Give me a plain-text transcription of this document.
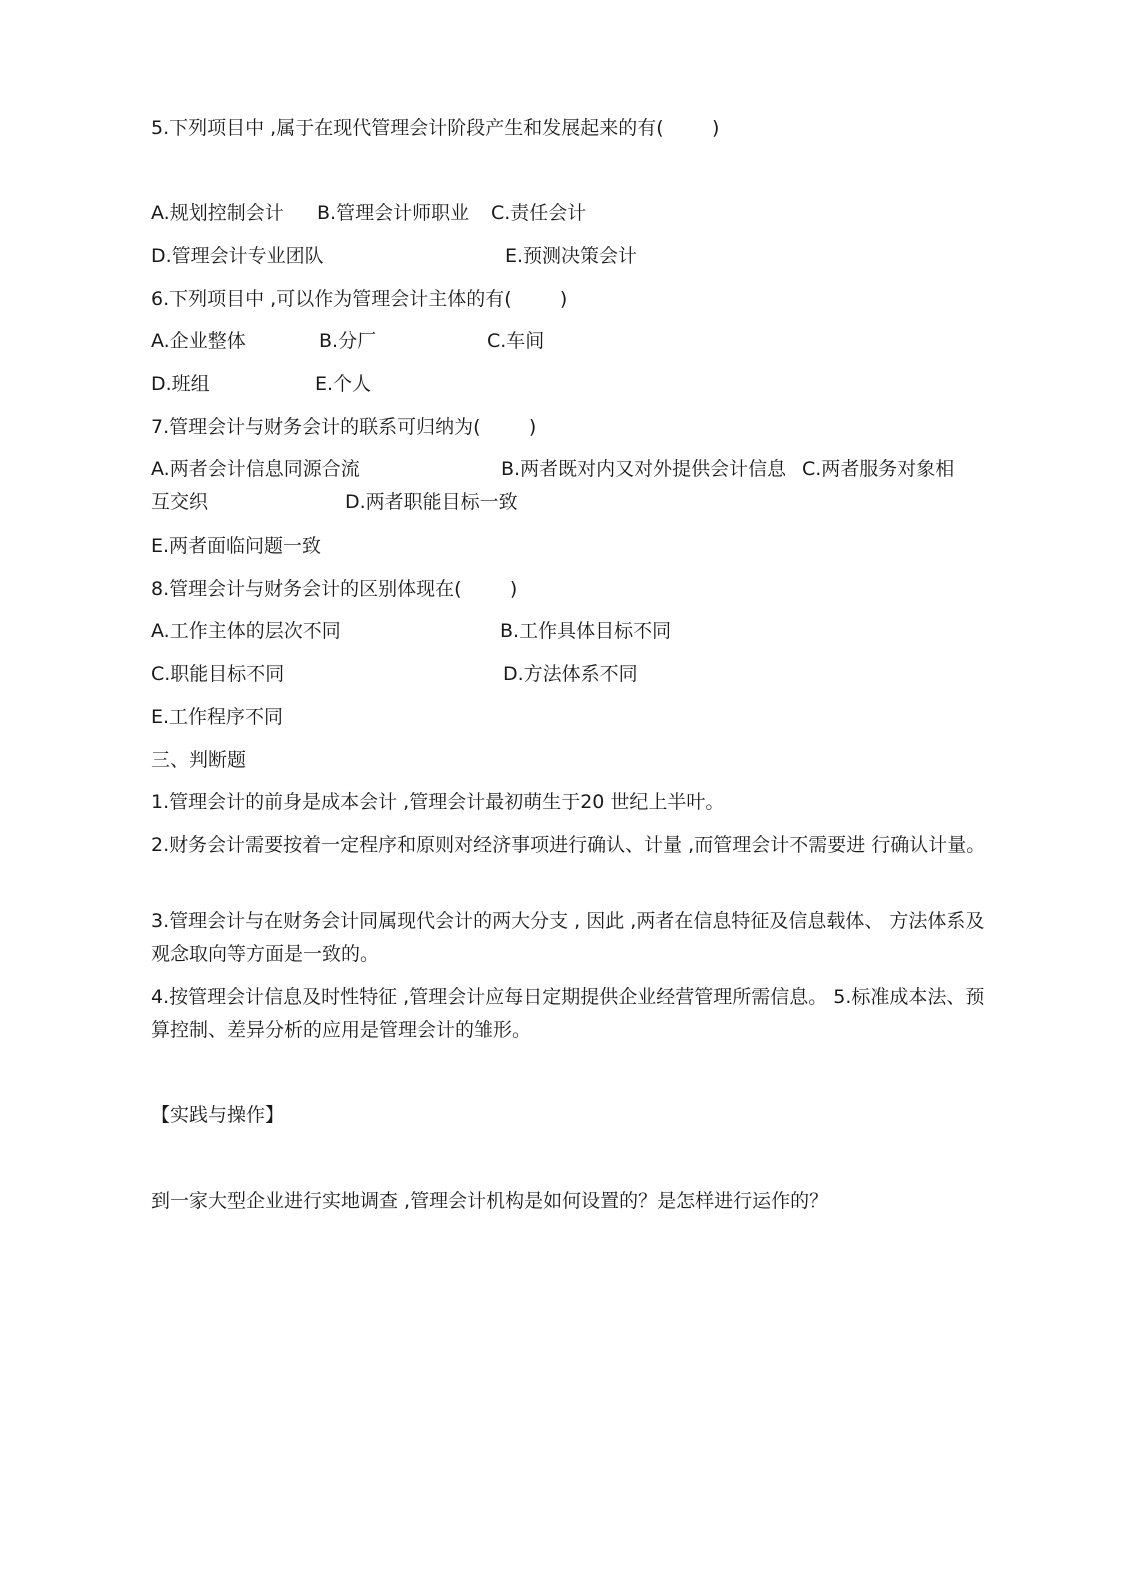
5.下列项目中 ,属于在现代管理会计阶段产生和发展起来的有(        )
A.规划控制会计 B.管理会计师职业 C.责任会计
D.管理会计专业团队	E.预测决策会计
6.下列项目中 ,可以作为管理会计主体的有(        )
A.企业整体	B.分厂	C.车间
D.班组	E.个人
7.管理会计与财务会计的联系可归纳为(        )
A.两者会计信息同源合流	B.两者既对内又对外提供会计信息 C.两者服务对象相
互交织	D.两者职能目标一致
E.两者面临问题一致
8.管理会计与财务会计的区别体现在(        )
A.工作主体的层次不同	B.工作具体目标不同
C.职能目标不同	D.方法体系不同
E.工作程序不同
三、判断题
1.管理会计的前身是成本会计 ,管理会计最初萌生于20 世纪上半叶。
2.财务会计需要按着一定程序和原则对经济事项进行确认、计量 ,而管理会计不需要进 行确认计量。
3.管理会计与在财务会计同属现代会计的两大分支 , 因此 ,两者在信息特征及信息载体、 方法体系及观念取向等方面是一致的。
4.按管理会计信息及时性特征 ,管理会计应每日定期提供企业经营管理所需信息。 5.标准成本法、预算控制、差异分析的应用是管理会计的雏形。
【实践与操作】
到一家大型企业进行实地调查 ,管理会计机构是如何设置的？是怎样进行运作的？
